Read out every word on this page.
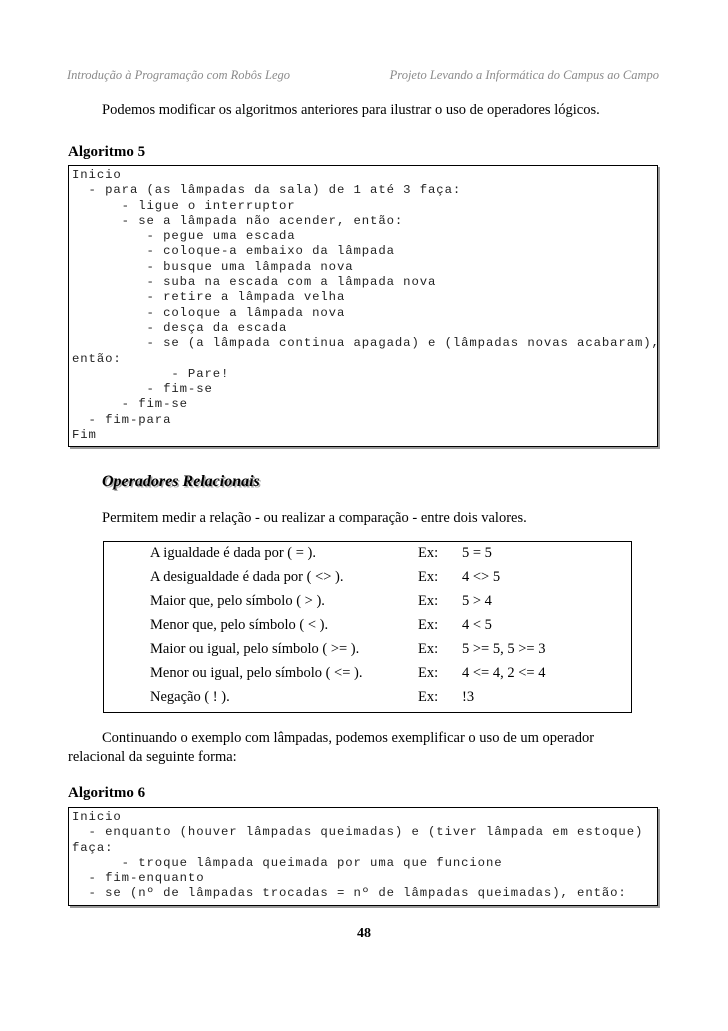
Introdução à Programação com Robôs Lego	Projeto Levando a Informática do Campus ao Campo
Podemos modificar os algoritmos anteriores para ilustrar o uso de operadores lógicos.
Algoritmo 5
Inicio
- para (as lâmpadas da sala) de 1 até 3 faça:
- ligue o interruptor
- se a lâmpada não acender, então:
- pegue uma escada
- coloque-a embaixo da lâmpada
- busque uma lâmpada nova
- suba na escada com a lâmpada nova
- retire a lâmpada velha
- coloque a lâmpada nova
- desça da escada
- se (a lâmpada continua apagada) e (lâmpadas novas acabaram),
então:
- Pare!
- fim-se
- fim-se
- fim-para
Fim
Operadores Relacionais
Permitem medir a relação - ou realizar a comparação - entre dois valores.
A igualdade é dada por ( = ).	Ex: 5 = 5
A desigualdade é dada por ( <> ).	Ex: 4 <> 5
Maior que, pelo símbolo ( > ).	Ex: 5 > 4
Menor que, pelo símbolo ( < ).	Ex: 4 < 5
Maior ou igual, pelo símbolo ( >= ).	Ex: 5 >= 5, 5 >= 3
Menor ou igual, pelo símbolo ( <= ).	Ex: 4 <= 4, 2 <= 4
Negação ( ! ).	Ex: !3
Continuando o exemplo com lâmpadas, podemos exemplificar o uso de um operador
relacional da seguinte forma:
Algoritmo 6
Inicio
- enquanto (houver lâmpadas queimadas) e (tiver lâmpada em estoque)
faça:
- troque lâmpada queimada por uma que funcione
- fim-enquanto
- se (nº de lâmpadas trocadas = nº de lâmpadas queimadas), então:
48
